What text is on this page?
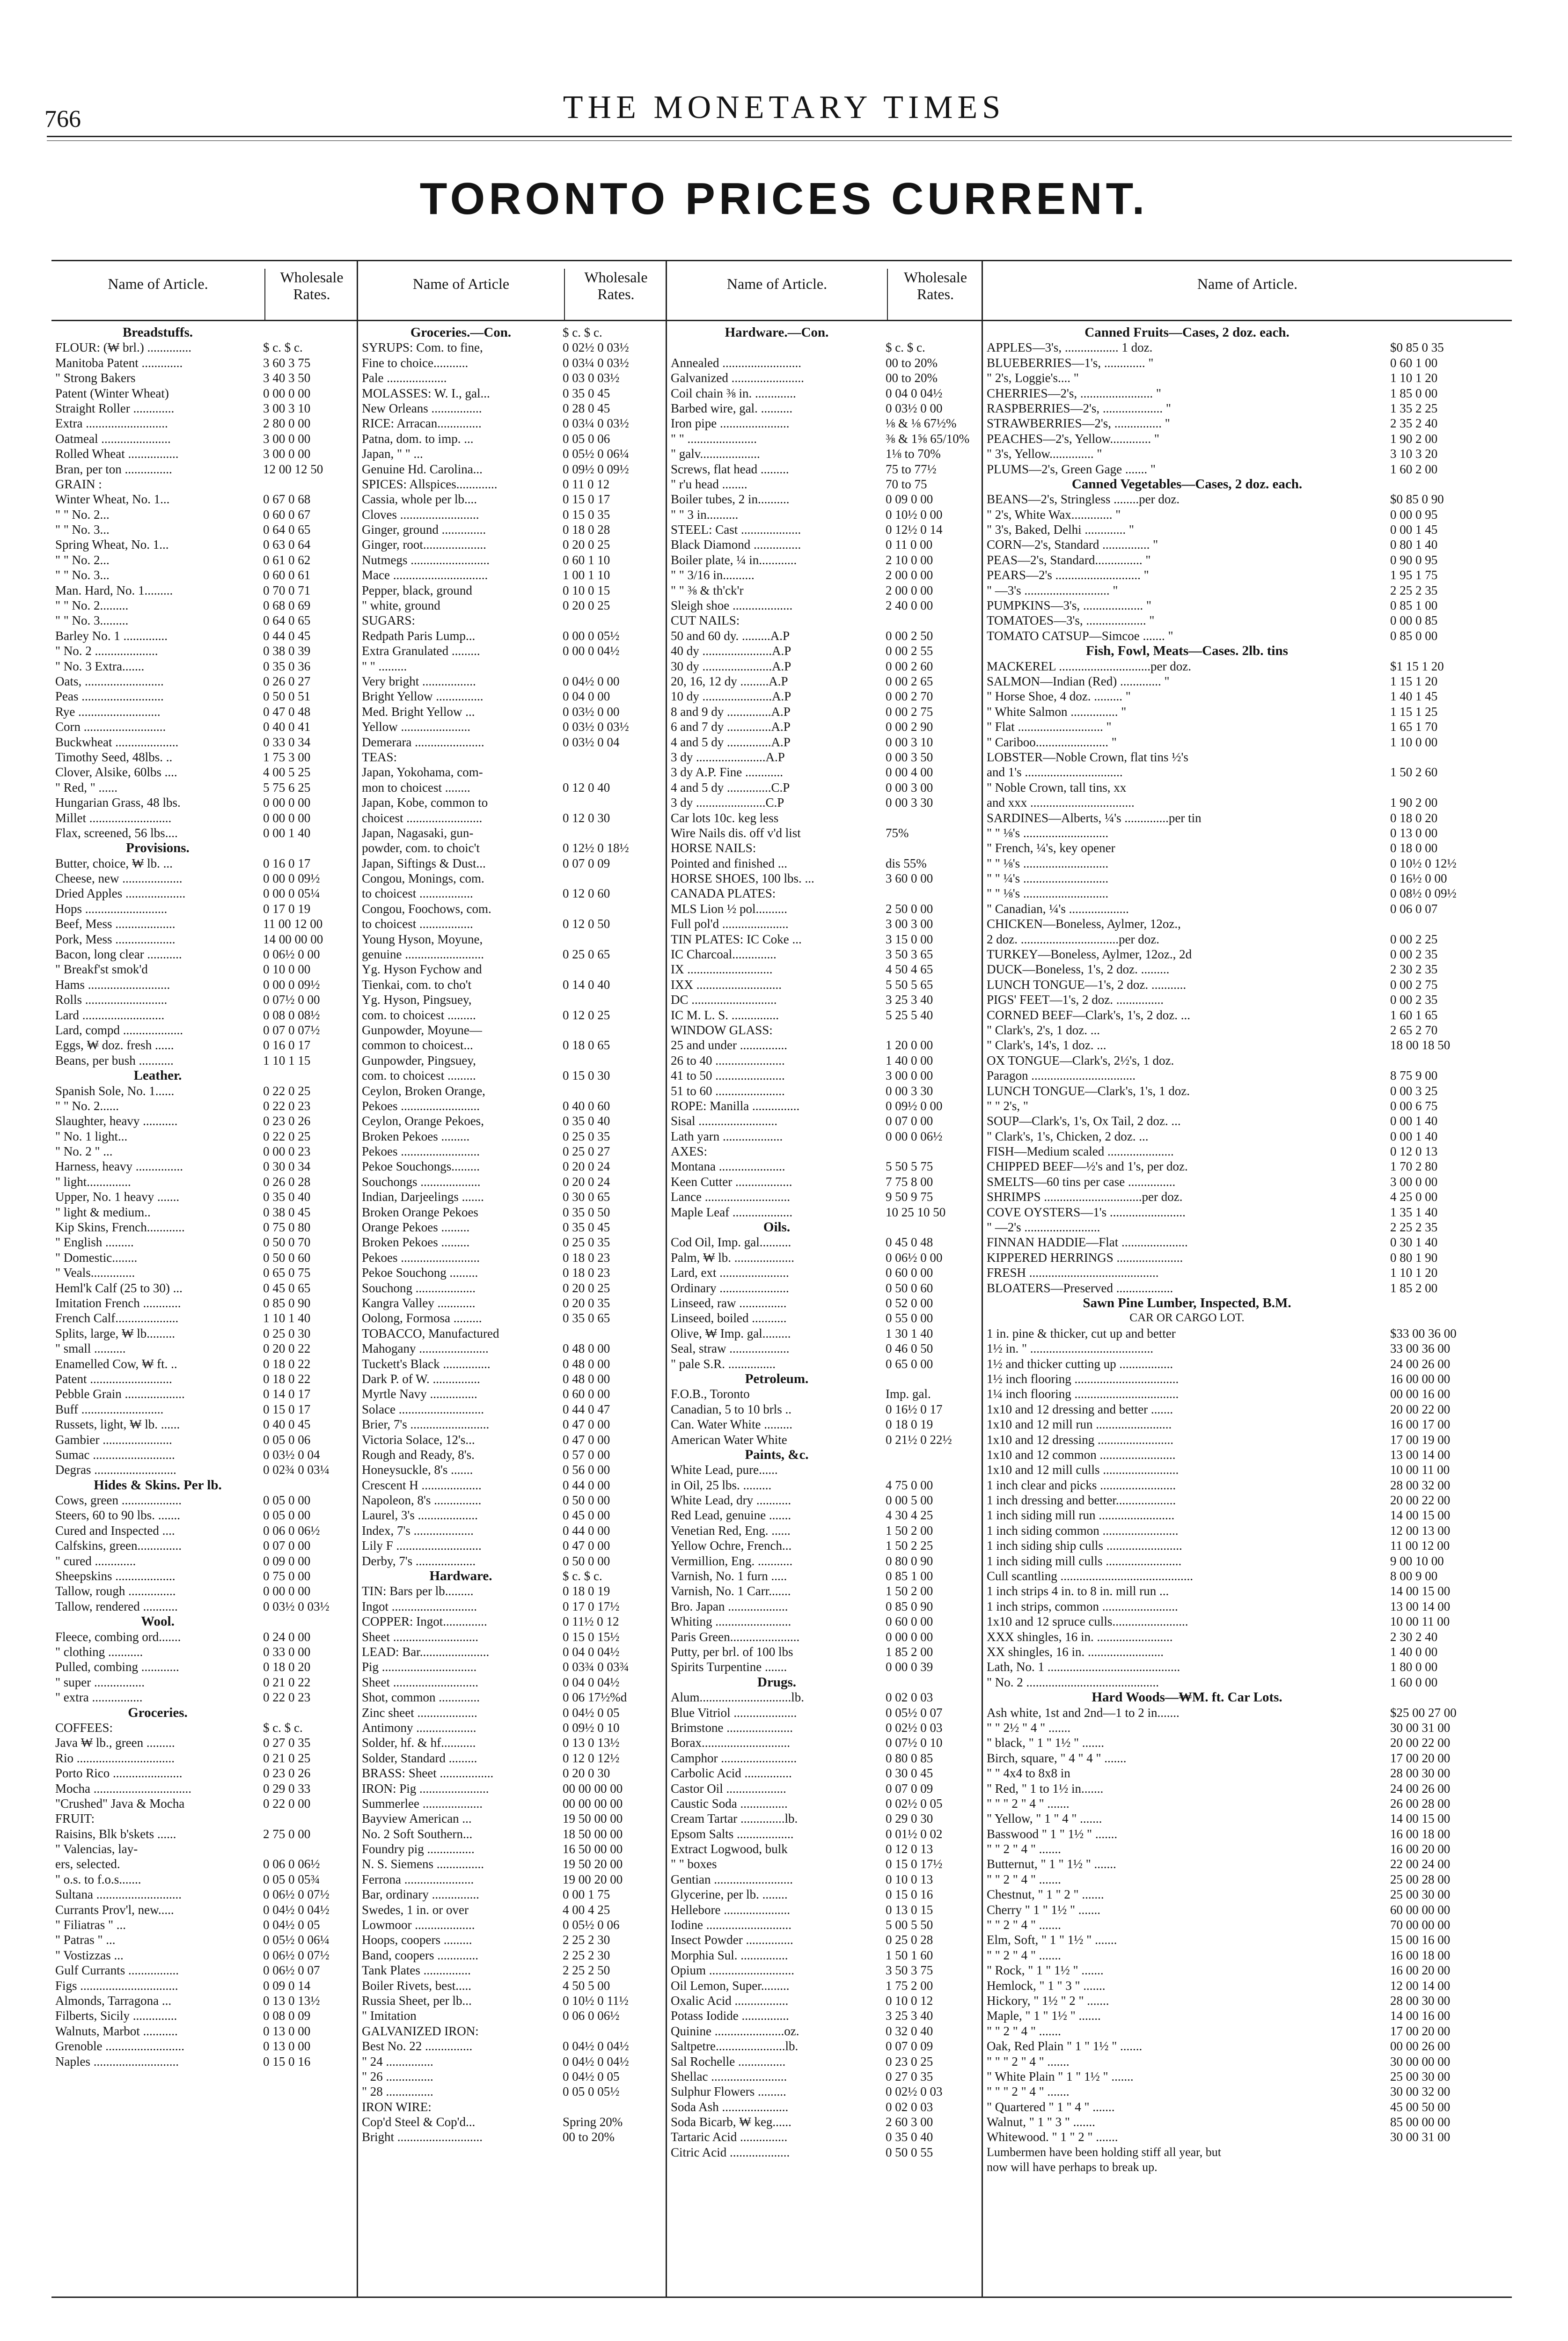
766	THE MONETARY TIMES
TORONTO PRICES CURRENT.
Name of Article.	Wholesale Rates.
Breadstuffs.
FLOUR: (₩ brl.) ..............	$ c. $ c.
Manitoba Patent .............	3 60 3 75
" Strong Bakers	3 40 3 50
Patent (Winter Wheat)	0 00 0 00
Straight Roller .............	3 00 3 10
Extra ..........................	2 80 0 00
Oatmeal ......................	3 00 0 00
Rolled Wheat ................	3 00 0 00
Bran, per ton ...............	12 00 12 50
GRAIN :
Winter Wheat, No. 1...	0 67 0 68
" " No. 2...	0 60 0 67
" " No. 3...	0 64 0 65
Spring Wheat, No. 1...	0 63 0 64
" " No. 2...	0 61 0 62
" " No. 3...	0 60 0 61
Man. Hard, No. 1.........	0 70 0 71
" " No. 2.........	0 68 0 69
" " No. 3.........	0 64 0 65
Barley No. 1 ..............	0 44 0 45
" No. 2 ....................	0 38 0 39
" No. 3 Extra.......	0 35 0 36
Oats, .........................	0 26 0 27
Peas ..........................	0 50 0 51
Rye ..........................	0 47 0 48
Corn ..........................	0 40 0 41
Buckwheat ....................	0 33 0 34
Timothy Seed, 48lbs. ..	1 75 3 00
Clover, Alsike, 60lbs ....	4 00 5 25
" Red, " ......	5 75 6 25
Hungarian Grass, 48 lbs.	0 00 0 00
Millet ..........................	0 00 0 00
Flax, screened, 56 lbs....	0 00 1 40
Provisions.
Butter, choice, ₩ lb. ...	0 16 0 17
Cheese, new ...................	0 00 0 09½
Dried Apples ...................	0 00 0 05¼
Hops ..........................	0 17 0 19
Beef, Mess ...................	11 00 12 00
Pork, Mess ...................	14 00 00 00
Bacon, long clear ...........	0 06½ 0 00
" Breakf'st smok'd	0 10 0 00
Hams ..........................	0 00 0 09½
Rolls ..........................	0 07½ 0 00
Lard ..........................	0 08 0 08½
Lard, compd ...................	0 07 0 07½
Eggs, ₩ doz. fresh ......	0 16 0 17
Beans, per bush ...........	1 10 1 15
Leather.
Spanish Sole, No. 1......	0 22 0 25
" " No. 2......	0 22 0 23
Slaughter, heavy ...........	0 23 0 26
" No. 1 light...	0 22 0 25
" No. 2 " ...	0 00 0 23
Harness, heavy ...............	0 30 0 34
" light..............	0 26 0 28
Upper, No. 1 heavy .......	0 35 0 40
" light & medium..	0 38 0 45
Kip Skins, French............	0 75 0 80
" English .........	0 50 0 70
" Domestic........	0 50 0 60
" Veals..............	0 65 0 75
Heml'k Calf (25 to 30) ...	0 45 0 65
Imitation French ............	0 85 0 90
French Calf....................	1 10 1 40
Splits, large, ₩ lb.........	0 25 0 30
" small ..........	0 20 0 22
Enamelled Cow, ₩ ft. ..	0 18 0 22
Patent ..........................	0 18 0 22
Pebble Grain ...................	0 14 0 17
Buff ..........................	0 15 0 17
Russets, light, ₩ lb. ......	0 40 0 45
Gambier ......................	0 05 0 06
Sumac ..........................	0 03½ 0 04
Degras ..........................	0 02¾ 0 03¼
Hides & Skins. Per lb.
Cows, green ...................	0 05 0 00
Steers, 60 to 90 lbs. .......	0 05 0 00
Cured and Inspected ....	0 06 0 06½
Calfskins, green..............	0 07 0 00
" cured .............	0 09 0 00
Sheepskins ...................	0 75 0 00
Tallow, rough ...............	0 00 0 00
Tallow, rendered ...........	0 03½ 0 03½
Wool.
Fleece, combing ord.......	0 24 0 00
" clothing ...........	0 33 0 00
Pulled, combing ............	0 18 0 20
" super ................	0 21 0 22
" extra ................	0 22 0 23
Groceries.
COFFEES:	$ c. $ c.
Java ₩ lb., green .........	0 27 0 35
Rio ...............................	0 21 0 25
Porto Rico ......................	0 23 0 26
Mocha ...............................	0 29 0 33
"Crushed" Java & Mocha	0 22 0 00
FRUIT:
Raisins, Blk b'skets ......	2 75 0 00
" Valencias, lay-
ers, selected.	0 06 0 06½
" o.s. to f.o.s.......	0 05 0 05¾
Sultana ...........................	0 06½ 0 07½
Currants Prov'l, new.....	0 04½ 0 04½
" Filiatras " ...	0 04½ 0 05
" Patras " ...	0 05½ 0 06¼
" Vostizzas ...	0 06½ 0 07½
Gulf Currants ................	0 06½ 0 07
Figs ...............................	0 09 0 14
Almonds, Tarragona ...	0 13 0 13½
Filberts, Sicily ..............	0 08 0 09
Walnuts, Marbot ...........	0 13 0 00
Grenoble .........................	0 13 0 00
Naples ...........................	0 15 0 16
Name of Article	Wholesale Rates.
Groceries.—Con.	$ c. $ c.
SYRUPS: Com. to fine,	0 02½ 0 03½
Fine to choice...........	0 03¼ 0 03½
Pale ...................	0 03 0 03½
MOLASSES: W. I., gal...	0 35 0 45
New Orleans ................	0 28 0 45
RICE: Arracan..............	0 03¼ 0 03½
Patna, dom. to imp. ...	0 05 0 06
Japan, " " ...	0 05½ 0 06¼
Genuine Hd. Carolina...	0 09½ 0 09½
SPICES: Allspices.............	0 11 0 12
Cassia, whole per lb....	0 15 0 17
Cloves .........................	0 15 0 35
Ginger, ground ..............	0 18 0 28
Ginger, root....................	0 20 0 25
Nutmegs .........................	0 60 1 10
Mace ..............................	1 00 1 10
Pepper, black, ground	0 10 0 15
" white, ground	0 20 0 25
SUGARS:
Redpath Paris Lump...	0 00 0 05½
Extra Granulated .........	0 00 0 04½
" " .........
Very bright .................	0 04½ 0 00
Bright Yellow ...............	0 04 0 00
Med. Bright Yellow ...	0 03½ 0 00
Yellow ......................	0 03½ 0 03½
Demerara ......................	0 03½ 0 04
TEAS:
Japan, Yokohama, com-
mon to choicest ........	0 12 0 40
Japan, Kobe, common to
choicest ........................	0 12 0 30
Japan, Nagasaki, gun-
powder, com. to choic't	0 12½ 0 18½
Japan, Siftings & Dust...	0 07 0 09
Congou, Monings, com.
to choicest .................	0 12 0 60
Congou, Foochows, com.
to choicest .................	0 12 0 50
Young Hyson, Moyune,
genuine .........................	0 25 0 65
Yg. Hyson Fychow and
Tienkai, com. to cho't	0 14 0 40
Yg. Hyson, Pingsuey,
com. to choicest .........	0 12 0 25
Gunpowder, Moyune—
common to choicest...	0 18 0 65
Gunpowder, Pingsuey,
com. to choicest .........	0 15 0 30
Ceylon, Broken Orange,
Pekoes .........................	0 40 0 60
Ceylon, Orange Pekoes,	0 35 0 40
Broken Pekoes .........	0 25 0 35
Pekoes .........................	0 25 0 27
Pekoe Souchongs.........	0 20 0 24
Souchongs ...................	0 20 0 24
Indian, Darjeelings .......	0 30 0 65
Broken Orange Pekoes	0 35 0 50
Orange Pekoes .........	0 35 0 45
Broken Pekoes .........	0 25 0 35
Pekoes .........................	0 18 0 23
Pekoe Souchong .........	0 18 0 23
Souchong ...................	0 20 0 25
Kangra Valley ............	0 20 0 35
Oolong, Formosa .........	0 35 0 65
TOBACCO, Manufactured
Mahogany ......................	0 48 0 00
Tuckett's Black ...............	0 48 0 00
Dark P. of W. ...............	0 48 0 00
Myrtle Navy ...............	0 60 0 00
Solace ...........................	0 44 0 47
Brier, 7's .........................	0 47 0 00
Victoria Solace, 12's...	0 47 0 00
Rough and Ready, 8's.	0 57 0 00
Honeysuckle, 8's .......	0 56 0 00
Crescent H ...................	0 44 0 00
Napoleon, 8's ...............	0 50 0 00
Laurel, 3's ...................	0 45 0 00
Index, 7's ...................	0 44 0 00
Lily F ...........................	0 47 0 00
Derby, 7's ...................	0 50 0 00
Hardware.	$ c. $ c.
TIN: Bars per lb.........	0 18 0 19
Ingot ...........................	0 17 0 17½
COPPER: Ingot..............	0 11½ 0 12
Sheet ...........................	0 15 0 15½
LEAD: Bar......................	0 04 0 04½
Pig ..............................	0 03¾ 0 03¾
Sheet ...........................	0 04 0 04½
Shot, common .............	0 06 17½%d
Zinc sheet ...................	0 04½ 0 05
Antimony ...................	0 09½ 0 10
Solder, hf. & hf...........	0 13 0 13½
Solder, Standard .........	0 12 0 12½
BRASS: Sheet .................	0 20 0 30
IRON: Pig ......................	00 00 00 00
Summerlee ...................	00 00 00 00
Bayview American ...	19 50 00 00
No. 2 Soft Southern...	18 50 00 00
Foundry pig ...............	16 50 00 00
N. S. Siemens ...............	19 50 20 00
Ferrona ......................	19 00 20 00
Bar, ordinary ...............	0 00 1 75
Swedes, 1 in. or over	4 00 4 25
Lowmoor ...................	0 05½ 0 06
Hoops, coopers .........	2 25 2 30
Band, coopers .............	2 25 2 30
Tank Plates ...............	2 25 2 50
Boiler Rivets, best.....	4 50 5 00
Russia Sheet, per lb...	0 10½ 0 11½
" Imitation	0 06 0 06½
GALVANIZED IRON:
Best No. 22 ...............	0 04½ 0 04½
" 24 ...............	0 04½ 0 04½
" 26 ...............	0 04½ 0 05
" 28 ...............	0 05 0 05½
IRON WIRE:
Cop'd Steel & Cop'd...	Spring 20%
Bright ...........................	00 to 20%
Name of Article.	Wholesale Rates.
Hardware.—Con.
$ c. $ c.
Annealed .........................	00 to 20%
Galvanized .......................	00 to 20%
Coil chain ⅜ in. .............	0 04 0 04½
Barbed wire, gal. ..........	0 03½ 0 00
Iron pipe ......................	⅛ & ⅛ 67½%
" " ......................	⅜ & 1⅝ 65/10%
" galv...................	1⅛ to 70%
Screws, flat head .........	75 to 77½
" r'u head ........	70 to 75
Boiler tubes, 2 in..........	0 09 0 00
" " 3 in..........	0 10½ 0 00
STEEL: Cast ...................	0 12½ 0 14
Black Diamond ...............	0 11 0 00
Boiler plate, ¼ in............	2 10 0 00
" " 3/16 in..........	2 00 0 00
" " ⅜ & th'ck'r	2 00 0 00
Sleigh shoe ...................	2 40 0 00
CUT NAILS:
50 and 60 dy. .........A.P	0 00 2 50
40 dy ......................A.P	0 00 2 55
30 dy ......................A.P	0 00 2 60
20, 16, 12 dy .........A.P	0 00 2 65
10 dy ......................A.P	0 00 2 70
8 and 9 dy ..............A.P	0 00 2 75
6 and 7 dy ..............A.P	0 00 2 90
4 and 5 dy ..............A.P	0 00 3 10
3 dy ......................A.P	0 00 3 50
3 dy A.P. Fine ............	0 00 4 00
4 and 5 dy ..............C.P	0 00 3 00
3 dy ......................C.P	0 00 3 30
Car lots 10c. keg less
Wire Nails dis. off v'd list	75%
HORSE NAILS:
Pointed and finished ...	dis 55%
HORSE SHOES, 100 lbs. ...	3 60 0 00
CANADA PLATES:
MLS Lion ½ pol..........	2 50 0 00
Full pol'd .....................	3 00 3 00
TIN PLATES: IC Coke ...	3 15 0 00
IC Charcoal..............	3 50 3 65
IX ...........................	4 50 4 65
IXX ...........................	5 50 5 65
DC ...........................	3 25 3 40
IC M. L. S. ...............	5 25 5 40
WINDOW GLASS:
25 and under ...............	1 20 0 00
26 to 40 ......................	1 40 0 00
41 to 50 ......................	3 00 0 00
51 to 60 ......................	0 00 3 30
ROPE: Manilla ...............	0 09½ 0 00
Sisal .........................	0 07 0 00
Lath yarn ...................	0 00 0 06½
AXES:
Montana .....................	5 50 5 75
Keen Cutter ..................	7 75 8 00
Lance ...........................	9 50 9 75
Maple Leaf ...................	10 25 10 50
Oils.
Cod Oil, Imp. gal..........	0 45 0 48
Palm, ₩ lb. ...................	0 06½ 0 00
Lard, ext ......................	0 60 0 00
Ordinary ......................	0 50 0 60
Linseed, raw ...............	0 52 0 00
Linseed, boiled ...........	0 55 0 00
Olive, ₩ Imp. gal.........	1 30 1 40
Seal, straw ...................	0 46 0 50
" pale S.R. ...............	0 65 0 00
Petroleum.
F.O.B., Toronto	Imp. gal.
Canadian, 5 to 10 brls ..	0 16½ 0 17
Can. Water White .........	0 18 0 19
American Water White	0 21½ 0 22½
Paints, &c.
White Lead, pure......
in Oil, 25 lbs. .........	4 75 0 00
White Lead, dry ...........	0 00 5 00
Red Lead, genuine .......	4 30 4 25
Venetian Red, Eng. ......	1 50 2 00
Yellow Ochre, French...	1 50 2 25
Vermillion, Eng. ...........	0 80 0 90
Varnish, No. 1 furn .....	0 85 1 00
Varnish, No. 1 Carr.......	1 50 2 00
Bro. Japan ...................	0 85 0 90
Whiting ........................	0 60 0 00
Paris Green......................	0 00 0 00
Putty, per brl. of 100 lbs	1 85 2 00
Spirits Turpentine .......	0 00 0 39
Drugs.
Alum.............................lb.	0 02 0 03
Blue Vitriol ....................	0 05½ 0 07
Brimstone .....................	0 02½ 0 03
Borax............................	0 07½ 0 10
Camphor ........................	0 80 0 85
Carbolic Acid ...............	0 30 0 45
Castor Oil ...................	0 07 0 09
Caustic Soda ...............	0 02½ 0 05
Cream Tartar ..............lb.	0 29 0 30
Epsom Salts ..................	0 01½ 0 02
Extract Logwood, bulk	0 12 0 13
" " boxes	0 15 0 17½
Gentian .........................	0 10 0 13
Glycerine, per lb. ........	0 15 0 16
Hellebore .....................	0 13 0 15
Iodine ...........................	5 00 5 50
Insect Powder ...............	0 25 0 28
Morphia Sul. ...............	1 50 1 60
Opium ...........................	3 50 3 75
Oil Lemon, Super.........	1 75 2 00
Oxalic Acid .................	0 10 0 12
Potass Iodide ...............	3 25 3 40
Quinine ......................oz.	0 32 0 40
Saltpetre......................lb.	0 07 0 09
Sal Rochelle ...............	0 23 0 25
Shellac ........................	0 27 0 35
Sulphur Flowers .........	0 02½ 0 03
Soda Ash .....................	0 02 0 03
Soda Bicarb, ₩ keg......	2 60 3 00
Tartaric Acid ...............	0 35 0 40
Citric Acid ...................	0 50 0 55
Name of Article.
Canned Fruits—Cases, 2 doz. each.
APPLES—3's, ................. 1 doz.	$0 85 0 35
BLUEBERRIES—1's, ............. "	0 60 1 00
" 2's, Loggie's.... "	1 10 1 20
CHERRIES—2's, ....................... "	1 85 0 00
RASPBERRIES—2's, ................... "	1 35 2 25
STRAWBERRIES—2's, ............... "	2 35 2 40
PEACHES—2's, Yellow............. "	1 90 2 00
" 3's, Yellow.............. "	3 10 3 20
PLUMS—2's, Green Gage ....... "	1 60 2 00
Canned Vegetables—Cases, 2 doz. each.
BEANS—2's, Stringless ........per doz.	$0 85 0 90
" 2's, White Wax............. "	0 00 0 95
" 3's, Baked, Delhi ............. "	0 00 1 45
CORN—2's, Standard ............... "	0 80 1 40
PEAS—2's, Standard............... "	0 90 0 95
PEARS—2's ........................... "	1 95 1 75
" —3's ........................... "	2 25 2 35
PUMPKINS—3's, ................... "	0 85 1 00
TOMATOES—3's, ................... "	0 00 0 85
TOMATO CATSUP—Simcoe ....... "	0 85 0 00
Fish, Fowl, Meats—Cases. 2lb. tins
MACKEREL .............................per doz.	$1 15 1 20
SALMON—Indian (Red) ............. "	1 15 1 20
" Horse Shoe, 4 doz. ......... "	1 40 1 45
" White Salmon ............... "	1 15 1 25
" Flat ........................... "	1 65 1 70
" Cariboo....................... "	1 10 0 00
LOBSTER—Noble Crown, flat tins ½'s
and 1's ...............................	1 50 2 60
" Noble Crown, tall tins, xx
and xxx .................................	1 90 2 00
SARDINES—Alberts, ¼'s ..............per tin	0 18 0 20
" " ⅛'s ...........................	0 13 0 00
" French, ¼'s, key opener	0 18 0 00
" " ⅛'s ...........................	0 10½ 0 12½
" " ¼'s ...........................	0 16½ 0 00
" " ⅛'s ...........................	0 08½ 0 09½
" Canadian, ¼'s ...................	0 06 0 07
CHICKEN—Boneless, Aylmer, 12oz.,
2 doz. ...............................per doz.	0 00 2 25
TURKEY—Boneless, Aylmer, 12oz., 2d	0 00 2 35
DUCK—Boneless, 1's, 2 doz. .........	2 30 2 35
LUNCH TONGUE—1's, 2 doz. ...........	0 00 2 75
PIGS' FEET—1's, 2 doz. ...............	0 00 2 35
CORNED BEEF—Clark's, 1's, 2 doz. ...	1 60 1 65
" Clark's, 2's, 1 doz. ...	2 65 2 70
" Clark's, 14's, 1 doz. ...	18 00 18 50
OX TONGUE—Clark's, 2½'s, 1 doz.
Paragon .................................	8 75 9 00
LUNCH TONGUE—Clark's, 1's, 1 doz.	0 00 3 25
" " 2's, "	0 00 6 75
SOUP—Clark's, 1's, Ox Tail, 2 doz. ...	0 00 1 40
" Clark's, 1's, Chicken, 2 doz. ...	0 00 1 40
FISH—Medium scaled .....................	0 12 0 13
CHIPPED BEEF—½'s and 1's, per doz.	1 70 2 80
SMELTS—60 tins per case ...............	3 00 0 00
SHRIMPS ...............................per doz.	4 25 0 00
COVE OYSTERS—1's ........................	1 35 1 40
" —2's ........................	2 25 2 35
FINNAN HADDIE—Flat .....................	0 30 1 40
KIPPERED HERRINGS .....................	0 80 1 90
FRESH .........................................	1 10 1 20
BLOATERS—Preserved ..................	1 85 2 00
Sawn Pine Lumber, Inspected, B.M.
CAR OR CARGO LOT.
1 in. pine & thicker, cut up and better	$33 00 36 00
1½ in. " .......................................	33 00 36 00
1½ and thicker cutting up .................	24 00 26 00
1½ inch flooring .................................	16 00 00 00
1¼ inch flooring .................................	00 00 16 00
1x10 and 12 dressing and better .......	20 00 22 00
1x10 and 12 mill run ........................	16 00 17 00
1x10 and 12 dressing ........................	17 00 19 00
1x10 and 12 common ........................	13 00 14 00
1x10 and 12 mill culls ........................	10 00 11 00
1 inch clear and picks ........................	28 00 32 00
1 inch dressing and better...................	20 00 22 00
1 inch siding mill run ........................	14 00 15 00
1 inch siding common ........................	12 00 13 00
1 inch siding ship culls ........................	11 00 12 00
1 inch siding mill culls ........................	9 00 10 00
Cull scantling ..........................................	8 00 9 00
1 inch strips 4 in. to 8 in. mill run ...	14 00 15 00
1 inch strips, common ........................	13 00 14 00
1x10 and 12 spruce culls........................	10 00 11 00
XXX shingles, 16 in. ........................	2 30 2 40
XX shingles, 16 in. ........................	1 40 0 00
Lath, No. 1 ..........................................	1 80 0 00
" No. 2 ..........................................	1 60 0 00
Hard Woods—₩M. ft. Car Lots.
Ash white, 1st and 2nd—1 to 2 in.......	$25 00 27 00
" " 2½ " 4 " .......	30 00 31 00
" black, " 1 " 1½ " .......	20 00 22 00
Birch, square, " 4 " 4 " .......	17 00 20 00
" " 4x4 to 8x8 in	28 00 30 00
" Red, " 1 to 1½ in.......	24 00 26 00
" " " 2 " 4 " .......	26 00 28 00
" Yellow, " 1 " 4 " .......	14 00 15 00
Basswood " 1 " 1½ " .......	16 00 18 00
" " 2 " 4 " .......	16 00 20 00
Butternut, " 1 " 1½ " .......	22 00 24 00
" " 2 " 4 " .......	25 00 28 00
Chestnut, " 1 " 2 " .......	25 00 30 00
Cherry " 1 " 1½ " .......	60 00 00 00
" " 2 " 4 " .......	70 00 00 00
Elm, Soft, " 1 " 1½ " .......	15 00 16 00
" " 2 " 4 " .......	16 00 18 00
" Rock, " 1 " 1½ " .......	16 00 20 00
Hemlock, " 1 " 3 " .......	12 00 14 00
Hickory, " 1½ " 2 " .......	28 00 30 00
Maple, " 1 " 1½ " .......	14 00 16 00
" " 2 " 4 " .......	17 00 20 00
Oak, Red Plain " 1 " 1½ " .......	00 00 26 00
" " " 2 " 4 " .......	30 00 00 00
" White Plain " 1 " 1½ " .......	25 00 30 00
" " " 2 " 4 " .......	30 00 32 00
" Quartered " 1 " 4 " .......	45 00 50 00
Walnut, " 1 " 3 " .......	85 00 00 00
Whitewood. " 1 " 2 " .......	30 00 31 00
Lumbermen have been holding stiff all year, but
now will have perhaps to break up.
